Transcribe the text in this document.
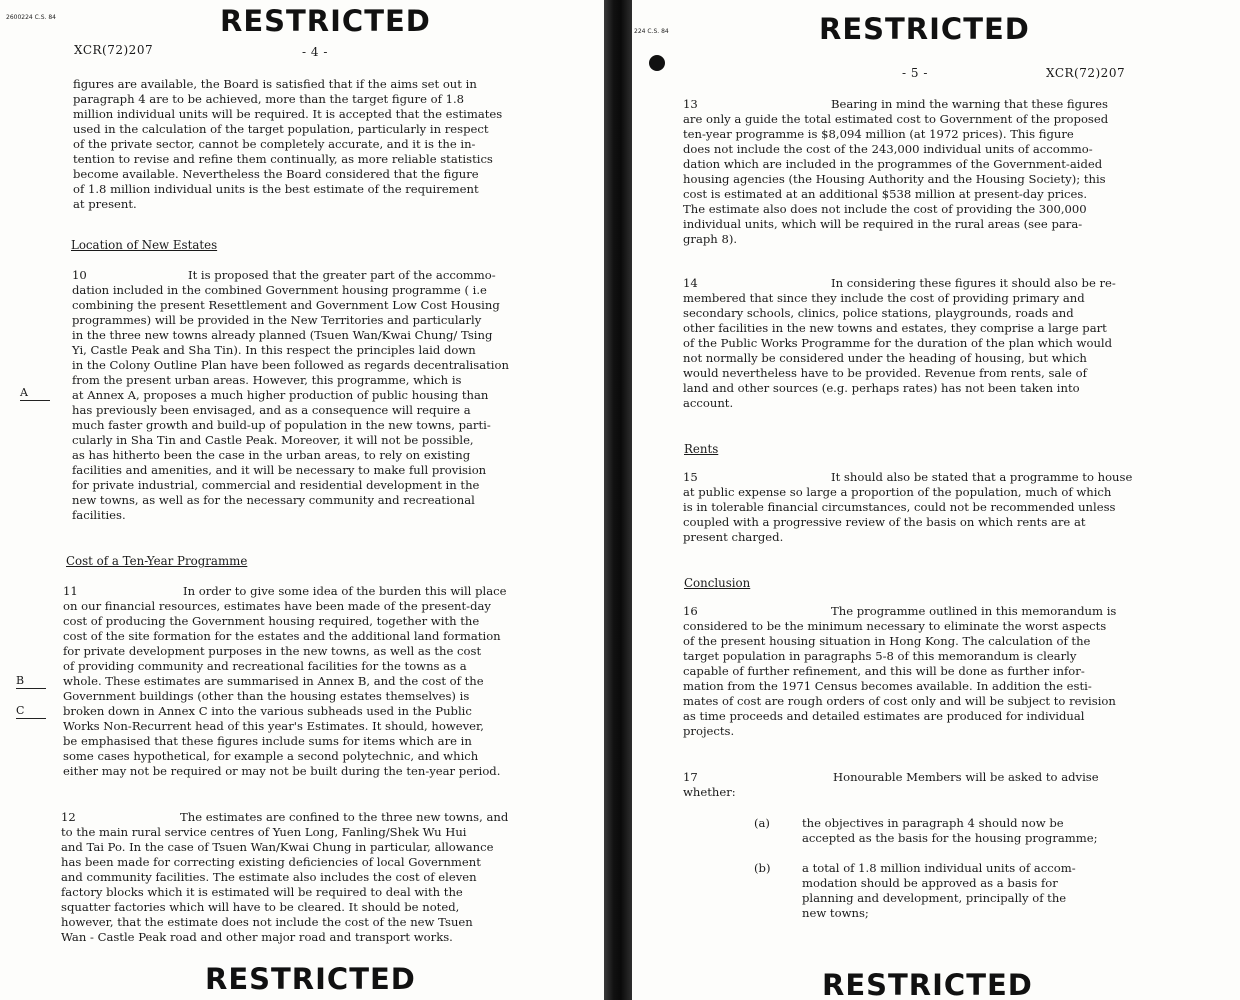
2600224 C.S. 84	RESTRICTED
XCR(72)207	- 4 -
figures are available, the Board is satisfied that if the aims set out in
paragraph 4 are to be achieved, more than the target figure of 1.8
million individual units will be required. It is accepted that the estimates
used in the calculation of the target population, particularly in respect
of the private sector, cannot be completely accurate, and it is the in-
tention to revise and refine them continually, as more reliable statistics
become available. Nevertheless the Board considered that the figure
of 1.8 million individual units is the best estimate of the requirement
at present.
Location of New Estates
10	It is proposed that the greater part of the accommo-
dation included in the combined Government housing programme ( i.e
combining the present Resettlement and Government Low Cost Housing
programmes) will be provided in the New Territories and particularly
in the three new towns already planned (Tsuen Wan/Kwai Chung/ Tsing
Yi, Castle Peak and Sha Tin). In this respect the principles laid down
in the Colony Outline Plan have been followed as regards decentralisation
from the present urban areas. However, this programme, which is
at Annex A, proposes a much higher production of public housing than
has previously been envisaged, and as a consequence will require a
much faster growth and build-up of population in the new towns, parti-
cularly in Sha Tin and Castle Peak. Moreover, it will not be possible,
as has hitherto been the case in the urban areas, to rely on existing
facilities and amenities, and it will be necessary to make full provision
for private industrial, commercial and residential development in the
new towns, as well as for the necessary community and recreational
facilities.
A
Cost of a Ten-Year Programme
11	In order to give some idea of the burden this will place
on our financial resources, estimates have been made of the present-day
cost of producing the Government housing required, together with the
cost of the site formation for the estates and the additional land formation
for private development purposes in the new towns, as well as the cost
of providing community and recreational facilities for the towns as a
whole. These estimates are summarised in Annex B, and the cost of the
Government buildings (other than the housing estates themselves) is
broken down in Annex C into the various subheads used in the Public
Works Non-Recurrent head of this year's Estimates. It should, however,
be emphasised that these figures include sums for items which are in
some cases hypothetical, for example a second polytechnic, and which
either may not be required or may not be built during the ten-year period.
B
C
12	The estimates are confined to the three new towns, and
to the main rural service centres of Yuen Long, Fanling/Shek Wu Hui
and Tai Po. In the case of Tsuen Wan/Kwai Chung in particular, allowance
has been made for correcting existing deficiencies of local Government
and community facilities. The estimate also includes the cost of eleven
factory blocks which it is estimated will be required to deal with the
squatter factories which will have to be cleared. It should be noted,
however, that the estimate does not include the cost of the new Tsuen
Wan - Castle Peak road and other major road and transport works.
RESTRICTED
224 C.S. 84	RESTRICTED
- 5 -	XCR(72)207
13	Bearing in mind the warning that these figures
are only a guide the total estimated cost to Government of the proposed
ten-year programme is $8,094 million (at 1972 prices). This figure
does not include the cost of the 243,000 individual units of accommo-
dation which are included in the programmes of the Government-aided
housing agencies (the Housing Authority and the Housing Society); this
cost is estimated at an additional $538 million at present-day prices.
The estimate also does not include the cost of providing the 300,000
individual units, which will be required in the rural areas (see para-
graph 8).
14	In considering these figures it should also be re-
membered that since they include the cost of providing primary and
secondary schools, clinics, police stations, playgrounds, roads and
other facilities in the new towns and estates, they comprise a large part
of the Public Works Programme for the duration of the plan which would
not normally be considered under the heading of housing, but which
would nevertheless have to be provided. Revenue from rents, sale of
land and other sources (e.g. perhaps rates) has not been taken into
account.
Rents
15	It should also be stated that a programme to house
at public expense so large a proportion of the population, much of which
is in tolerable financial circumstances, could not be recommended unless
coupled with a progressive review of the basis on which rents are at
present charged.
Conclusion
16	The programme outlined in this memorandum is
considered to be the minimum necessary to eliminate the worst aspects
of the present housing situation in Hong Kong. The calculation of the
target population in paragraphs 5-8 of this memorandum is clearly
capable of further refinement, and this will be done as further infor-
mation from the 1971 Census becomes available. In addition the esti-
mates of cost are rough orders of cost only and will be subject to revision
as time proceeds and detailed estimates are produced for individual
projects.
17	Honourable Members will be asked to advise
whether:
(a)	the objectives in paragraph 4 should now be
accepted as the basis for the housing programme;
(b)	a total of 1.8 million individual units of accom-
modation should be approved as a basis for
planning and development, principally of the
new towns;
RESTRICTED
